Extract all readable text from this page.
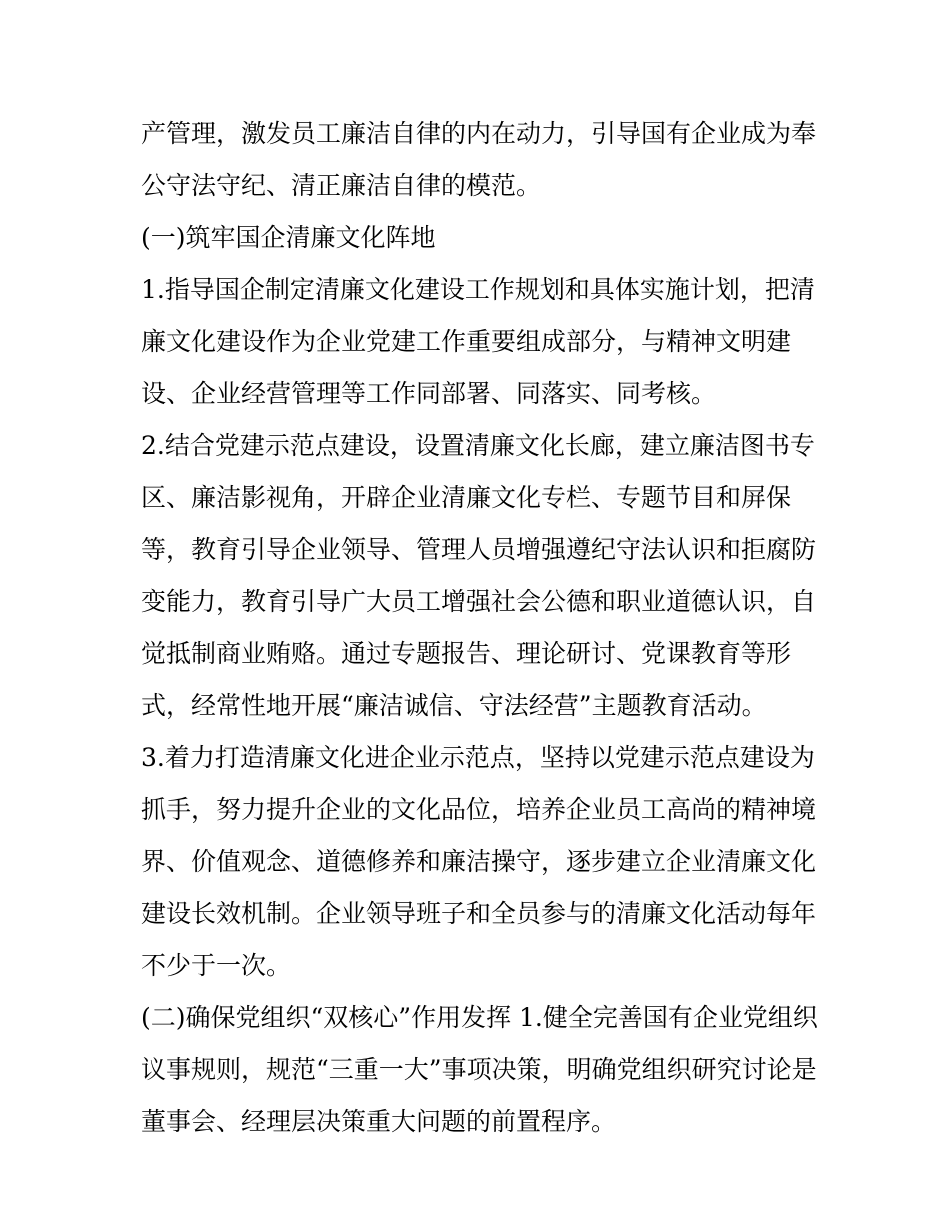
产管理，激发员工廉洁自律的内在动力，引导国有企业成为奉
公守法守纪、清正廉洁自律的模范。
(一)筑牢国企清廉文化阵地
1.指导国企制定清廉文化建设工作规划和具体实施计划，把清
廉文化建设作为企业党建工作重要组成部分，与精神文明建
设、企业经营管理等工作同部署、同落实、同考核。
2.结合党建示范点建设，设置清廉文化长廊，建立廉洁图书专
区、廉洁影视角，开辟企业清廉文化专栏、专题节目和屏保
等，教育引导企业领导、管理人员增强遵纪守法认识和拒腐防
变能力，教育引导广大员工增强社会公德和职业道德认识，自
觉抵制商业贿赂。通过专题报告、理论研讨、党课教育等形
式，经常性地开展“廉洁诚信、守法经营”主题教育活动。
3.着力打造清廉文化进企业示范点，坚持以党建示范点建设为
抓手，努力提升企业的文化品位，培养企业员工高尚的精神境
界、价值观念、道德修养和廉洁操守，逐步建立企业清廉文化
建设长效机制。企业领导班子和全员参与的清廉文化活动每年
不少于一次。
(二)确保党组织“双核心”作用发挥 1.健全完善国有企业党组织
议事规则，规范“三重一大”事项决策，明确党组织研究讨论是
董事会、经理层决策重大问题的前置程序。
